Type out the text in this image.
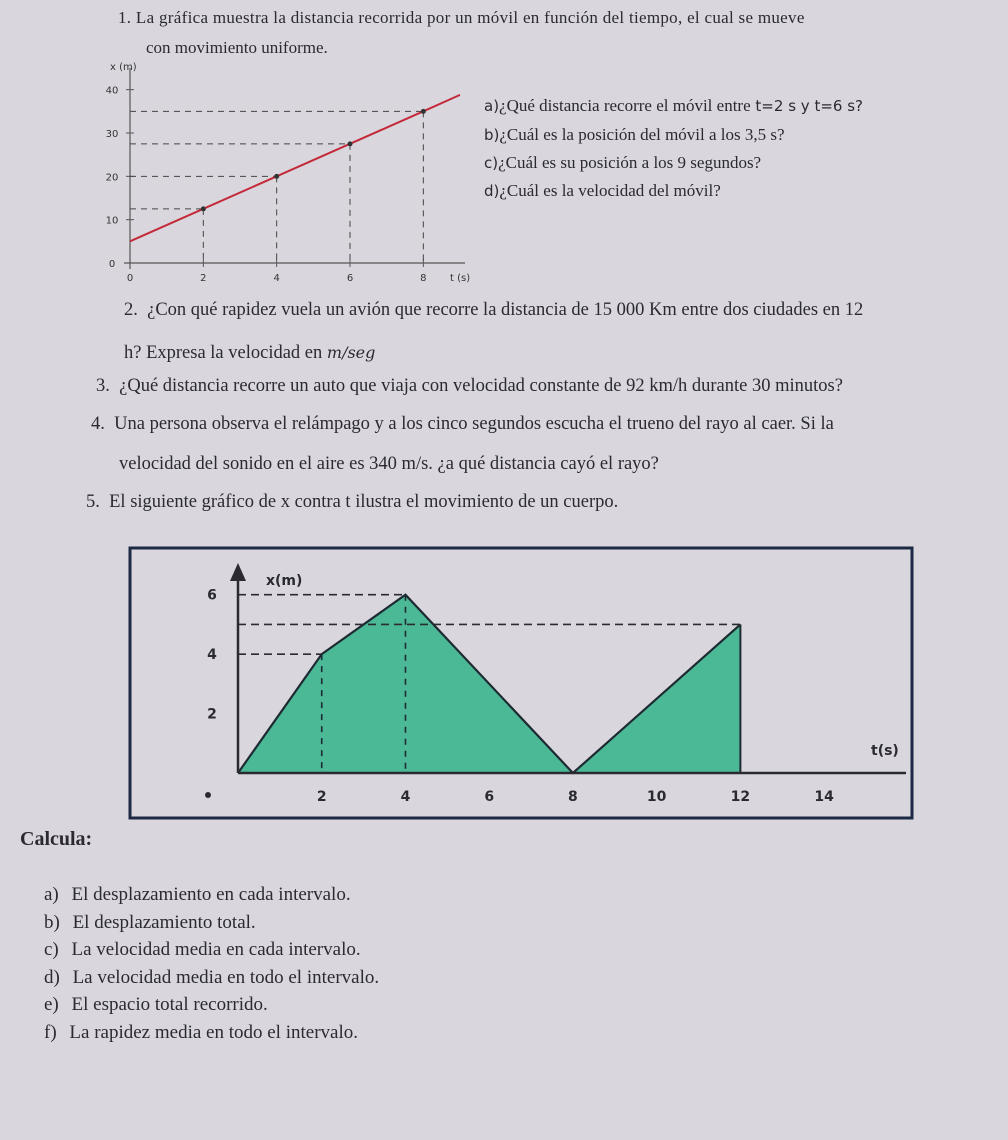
1. La gráfica muestra la distancia recorrida por un móvil en función del tiempo, el cual se mueve
con movimiento uniforme.
x (m)
t (s)
0
10
20
30
40
0	2	4	6	8
a)¿Qué distancia recorre el móvil entre t=2 s y t=6 s?
b)¿Cuál es la posición del móvil a los 3,5 s?
c)¿Cuál es su posición a los 9 segundos?
d)¿Cuál es la velocidad del móvil?
2. ¿Con qué rapidez vuela un avión que recorre la distancia de 15 000 Km entre dos ciudades en 12
h? Expresa la velocidad en m/seg
3. ¿Qué distancia recorre un auto que viaja con velocidad constante de 92 km/h durante 30 minutos?
4. Una persona observa el relámpago y a los cinco segundos escucha el trueno del rayo al caer. Si la
velocidad del sonido en el aire es 340 m/s. ¿a qué distancia cayó el rayo?
5. El siguiente gráfico de x contra t ilustra el movimiento de un cuerpo.
x(m)
t(s)
2
4
6
2	4	6	8	10	12	14
Calcula:
a) El desplazamiento en cada intervalo.
b) El desplazamiento total.
c) La velocidad media en cada intervalo.
d) La velocidad media en todo el intervalo.
e) El espacio total recorrido.
f) La rapidez media en todo el intervalo.
